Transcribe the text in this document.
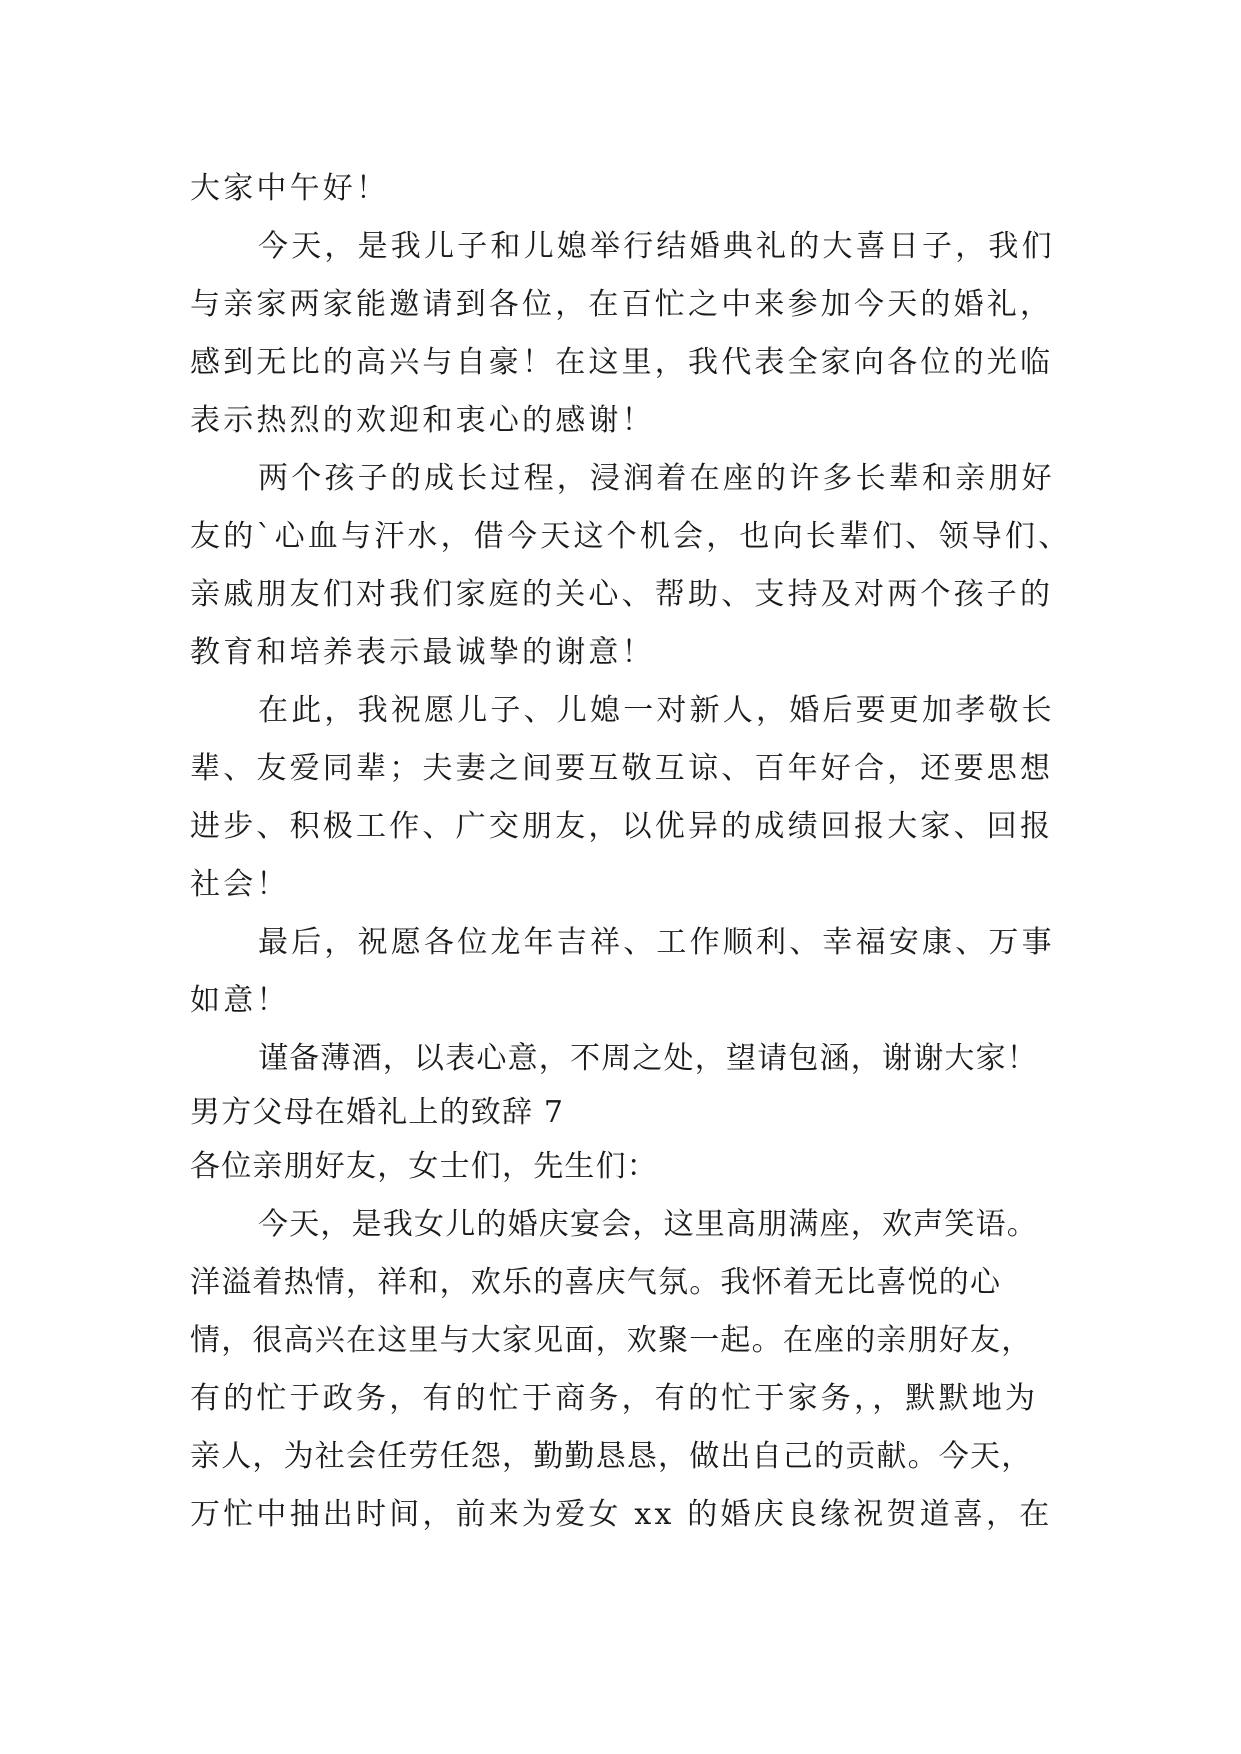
大家中午好！
今天，是我儿子和儿媳举行结婚典礼的大喜日子，我们
与亲家两家能邀请到各位，在百忙之中来参加今天的婚礼，
感到无比的高兴与自豪！在这里，我代表全家向各位的光临
表示热烈的欢迎和衷心的感谢！
两个孩子的成长过程，浸润着在座的许多长辈和亲朋好
友的`心血与汗水，借今天这个机会，也向长辈们、领导们、
亲戚朋友们对我们家庭的关心、帮助、支持及对两个孩子的
教育和培养表示最诚挚的谢意！
在此，我祝愿儿子、儿媳一对新人，婚后要更加孝敬长
辈、友爱同辈；夫妻之间要互敬互谅、百年好合，还要思想
进步、积极工作、广交朋友，以优异的成绩回报大家、回报
社会！
最后，祝愿各位龙年吉祥、工作顺利、幸福安康、万事
如意！
谨备薄酒，以表心意，不周之处，望请包涵，谢谢大家！
男方父母在婚礼上的致辞 7
各位亲朋好友，女士们，先生们：
今天，是我女儿的婚庆宴会，这里高朋满座，欢声笑语。
洋溢着热情，祥和，欢乐的喜庆气氛。我怀着无比喜悦的心
情，很高兴在这里与大家见面，欢聚一起。在座的亲朋好友，
有的忙于政务，有的忙于商务，有的忙于家务，，默默地为
亲人，为社会任劳任怨，勤勤恳恳，做出自己的贡献。今天，
万忙中抽出时间，前来为爱女 xx 的婚庆良缘祝贺道喜，在
